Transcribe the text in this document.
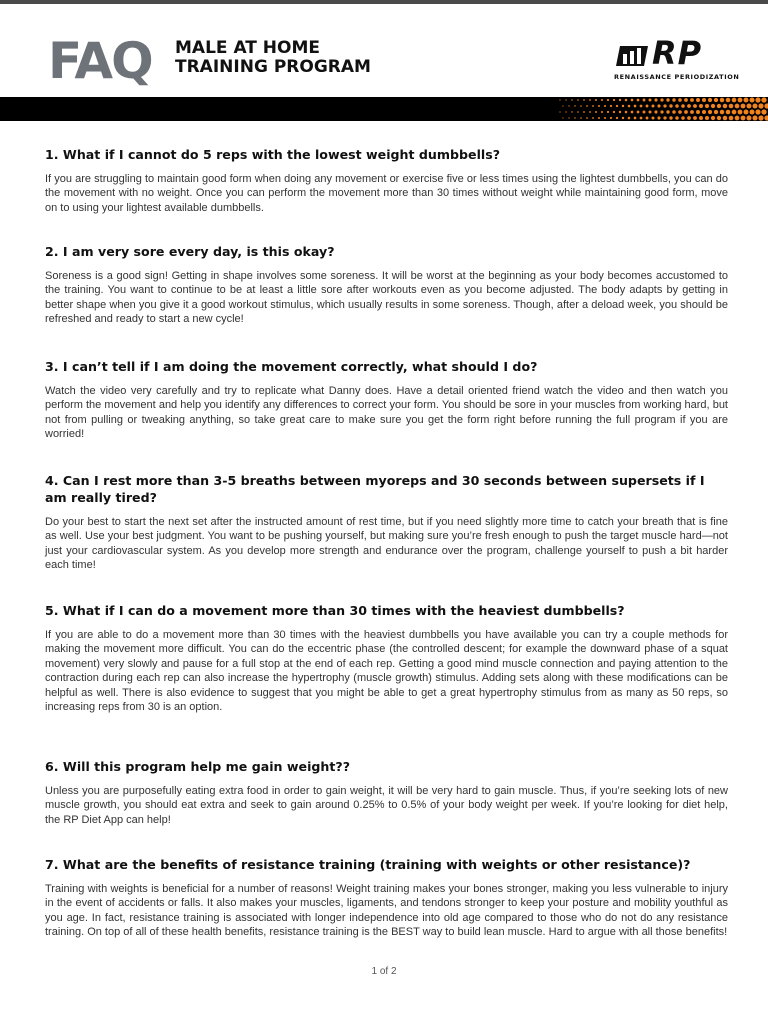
FAQ MALE AT HOME
TRAINING PROGRAM	RP
RENAISSANCE PERIODIZATION

1. What if I cannot do 5 reps with the lowest weight dumbbells?

If you are struggling to maintain good form when doing any movement or exercise five or less times using the lightest dumbbells, you can do the movement with no weight. Once you can perform the movement more than 30 times without weight while maintaining good form, move on to using your lightest available dumbbells.

2. I am very sore every day, is this okay?

Soreness is a good sign! Getting in shape involves some soreness. It will be worst at the beginning as your body becomes accustomed to the training. You want to continue to be at least a little sore after workouts even as you become adjusted. The body adapts by getting in better shape when you give it a good workout stimulus, which usually results in some soreness. Though, after a deload week, you should be refreshed and ready to start a new cycle!

3. I can’t tell if I am doing the movement correctly, what should I do?

Watch the video very carefully and try to replicate what Danny does. Have a detail oriented friend watch the video and then watch you perform the movement and help you identify any differences to correct your form. You should be sore in your muscles from working hard, but not from pulling or tweaking anything, so take great care to make sure you get the form right before running the full program if you are worried!

4. Can I rest more than 3-5 breaths between myoreps and 30 seconds between supersets if I am really tired?

Do your best to start the next set after the instructed amount of rest time, but if you need slightly more time to catch your breath that is fine as well. Use your best judgment. You want to be pushing yourself, but making sure you’re fresh enough to push the target muscle hard—not just your cardiovascular system. As you develop more strength and endurance over the program, challenge yourself to push a bit harder each time!

5. What if I can do a movement more than 30 times with the heaviest dumbbells?

If you are able to do a movement more than 30 times with the heaviest dumbbells you have available you can try a couple methods for making the movement more difficult. You can do the eccentric phase (the controlled descent; for example the downward phase of a squat movement) very slowly and pause for a full stop at the end of each rep. Getting a good mind muscle connection and paying attention to the contraction during each rep can also increase the hypertrophy (muscle growth) stimulus. Adding sets along with these modifications can be helpful as well. There is also evidence to suggest that you might be able to get a great hypertrophy stimulus from as many as 50 reps, so increasing reps from 30 is an option.

6. Will this program help me gain weight??

Unless you are purposefully eating extra food in order to gain weight, it will be very hard to gain muscle. Thus, if you’re seeking lots of new muscle growth, you should eat extra and seek to gain around 0.25% to 0.5% of your body weight per week. If you’re looking for diet help, the RP Diet App can help!

7. What are the benefits of resistance training (training with weights or other resistance)?

Training with weights is beneficial for a number of reasons! Weight training makes your bones stronger, making you less vulnerable to injury in the event of accidents or falls. It also makes your muscles, ligaments, and tendons stronger to keep your posture and mobility youthful as you age. In fact, resistance training is associated with longer independence into old age compared to those who do not do any resistance training. On top of all of these health benefits, resistance training is the BEST way to build lean muscle. Hard to argue with all those benefits!

1 of 2
